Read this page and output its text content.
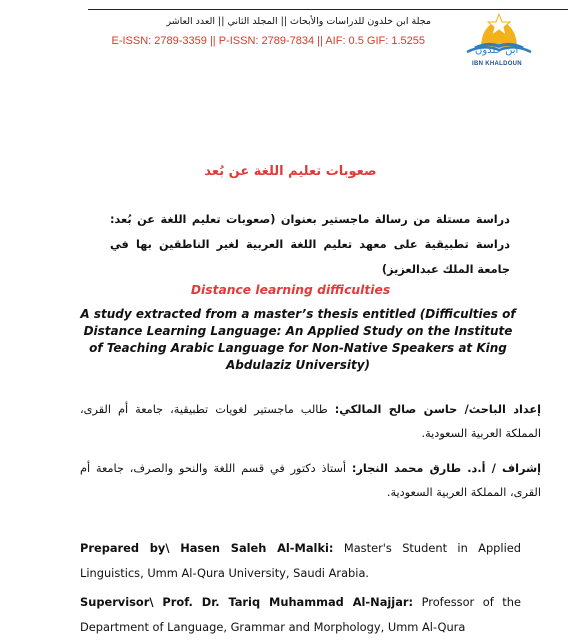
مجلة ابن خلدون للدراسات والأبحاث || المجلد الثاني || العدد العاشر
E-ISSN: 2789-3359 || P-ISSN: 2789-7834 || AIF: 0.5 GIF: 1.5255
ابن خلدون
IBN KHALDOUN
صعوبات تعليم اللغة عن بُعد
دراسة مستلة من رسالة ماجستير بعنوان (صعوبات تعليم اللغة عن بُعد: دراسة تطبيقية على معهد تعليم اللغة العربية لغير الناطقين بها في جامعة الملك عبدالعزيز)
Distance learning difficulties
A study extracted from a master’s thesis entitled (Difficulties of Distance Learning Language: An Applied Study on the Institute of Teaching Arabic Language for Non-Native Speakers at King Abdulaziz University)
إعداد الباحث/ حاسن صالح المالكي: طالب ماجستير لغويات تطبيقية، جامعة أم القرى، المملكة العربية السعودية.
إشراف / أ.د. طارق محمد النجار: أستاذ دكتور في قسم اللغة والنحو والصرف، جامعة أم القرى، المملكة العربية السعودية.
Prepared by\ Hasen Saleh Al-Malki: Master's Student in Applied Linguistics, Umm Al-Qura University, Saudi Arabia.
Supervisor\ Prof. Dr. Tariq Muhammad Al-Najjar: Professor of the Department of Language, Grammar and Morphology, Umm Al-Qura
